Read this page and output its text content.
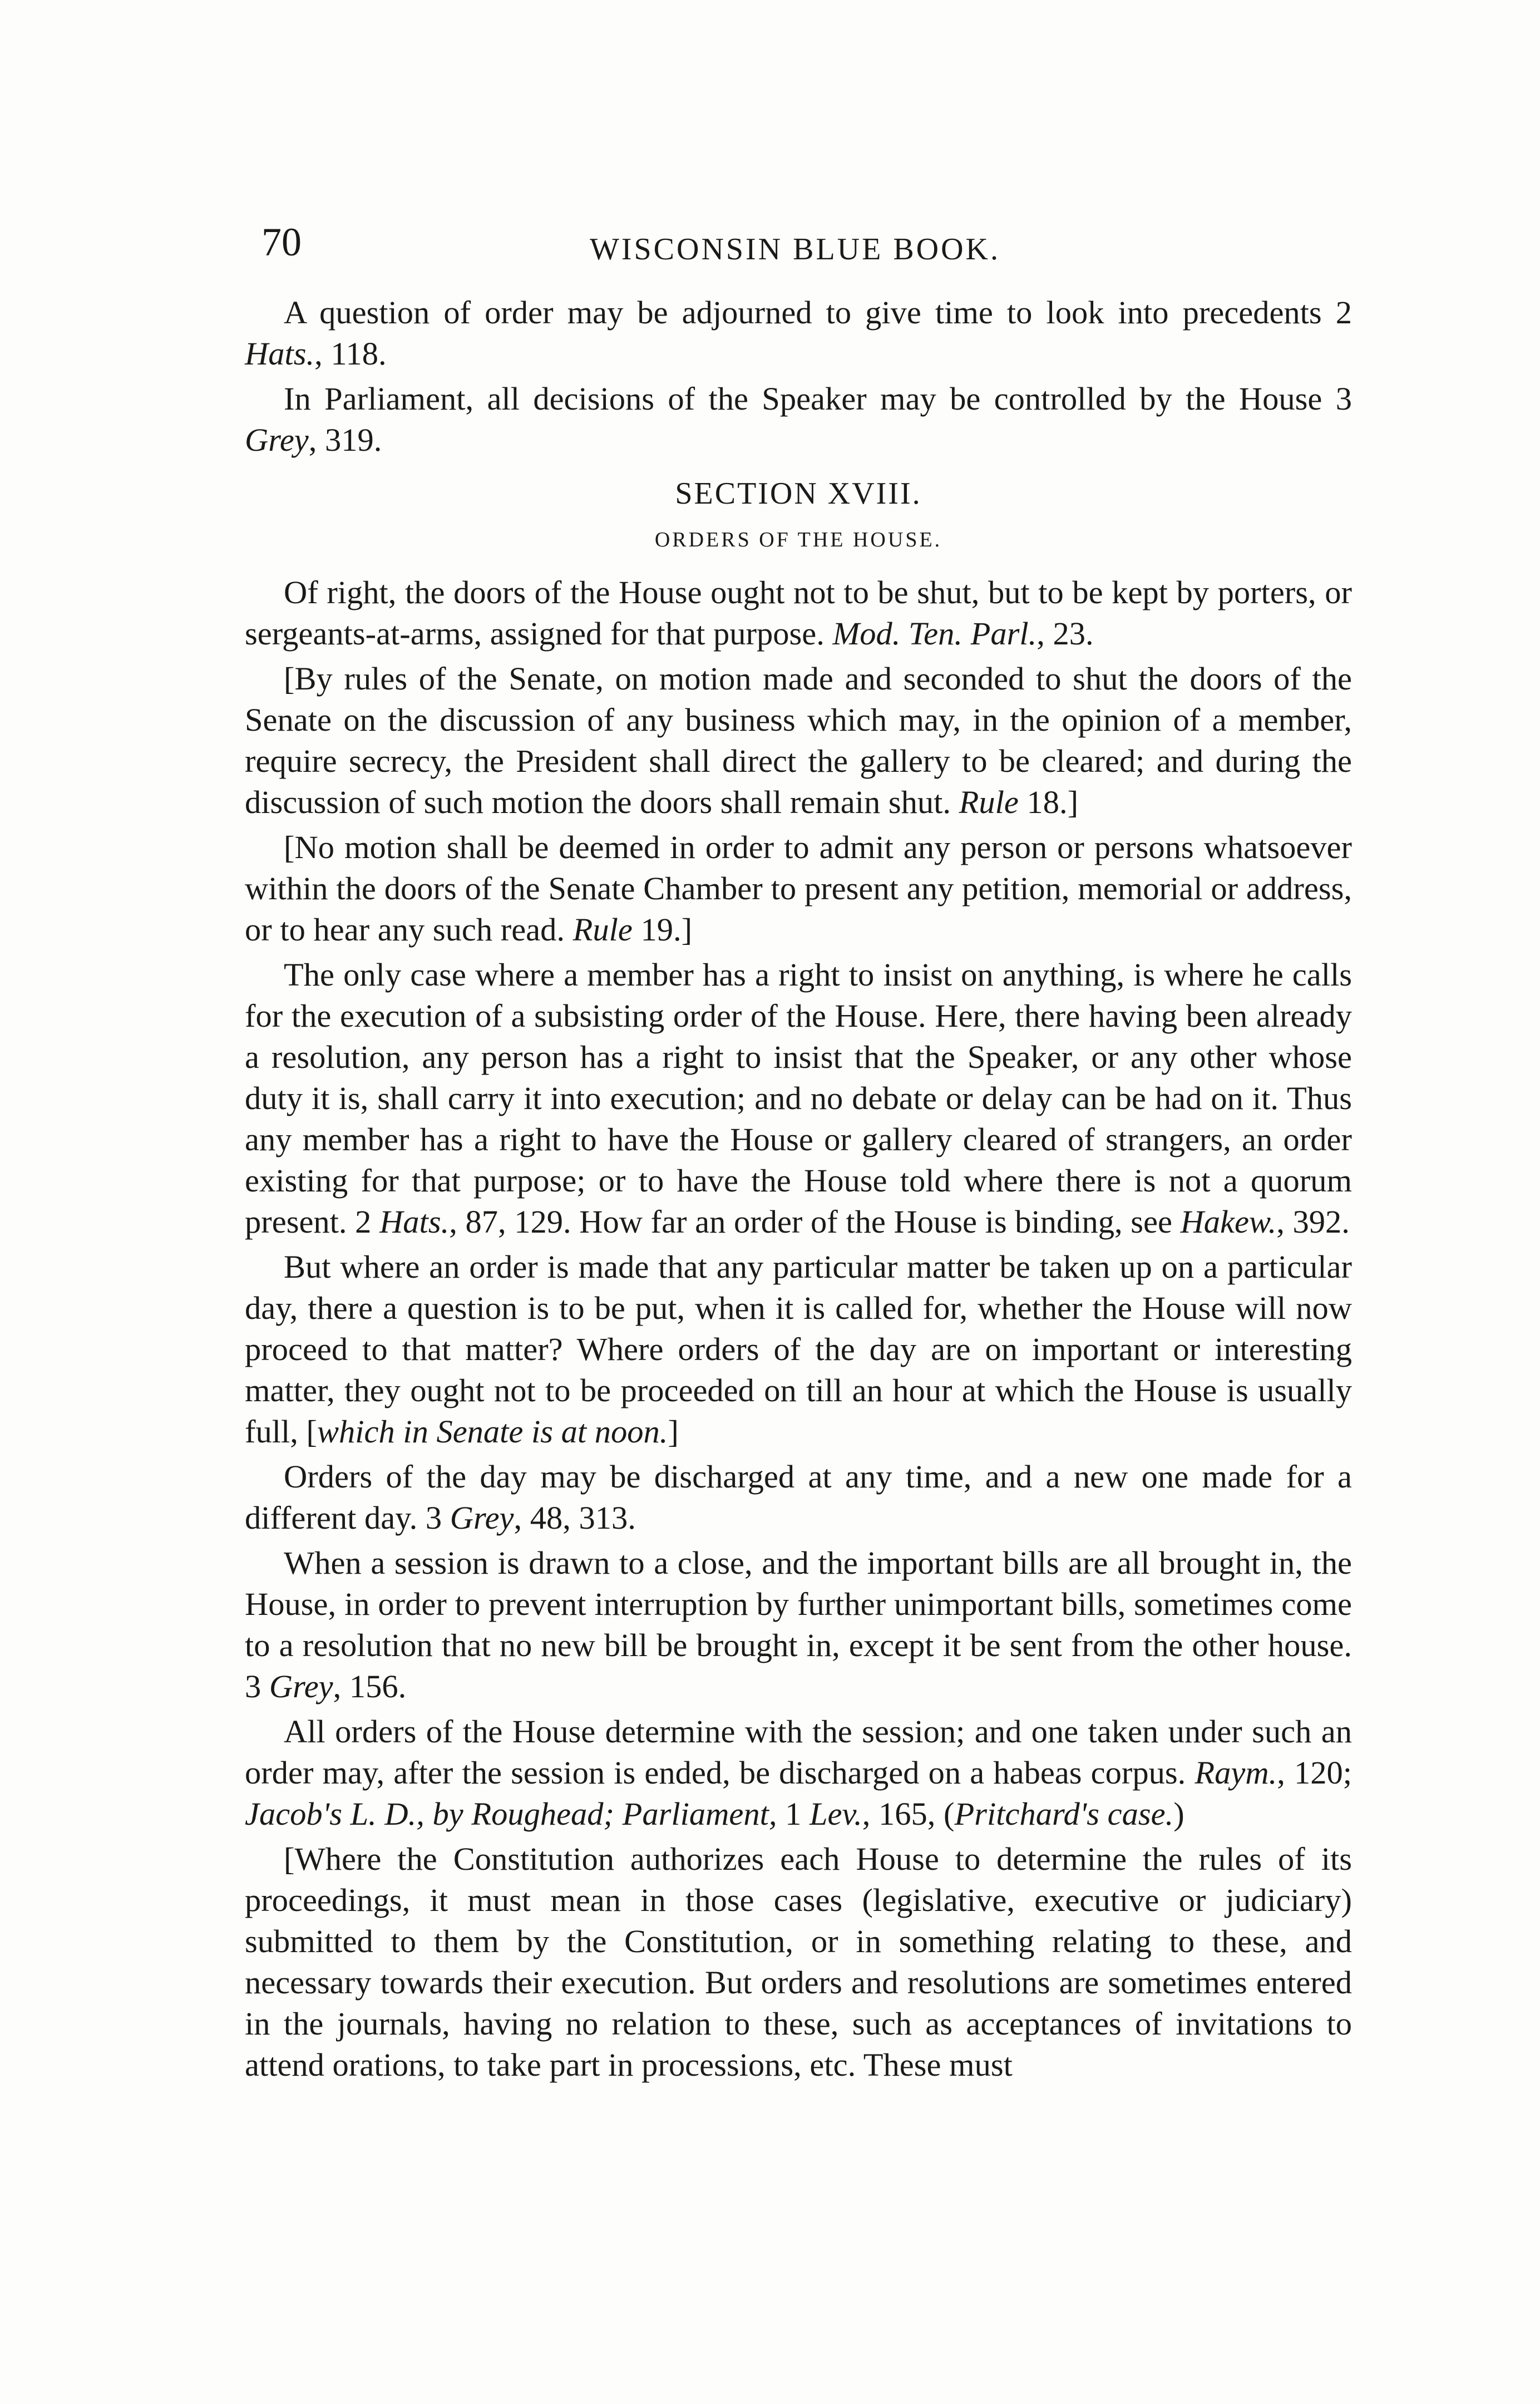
70	WISCONSIN BLUE BOOK.

A question of order may be adjourned to give time to look into precedents 2 Hats., 118.

In Parliament, all decisions of the Speaker may be controlled by the House 3 Grey, 319.

SECTION XVIII.

ORDERS OF THE HOUSE.

Of right, the doors of the House ought not to be shut, but to be kept by porters, or sergeants-at-arms, assigned for that purpose. Mod. Ten. Parl., 23.

[By rules of the Senate, on motion made and seconded to shut the doors of the Senate on the discussion of any business which may, in the opinion of a member, require secrecy, the President shall direct the gallery to be cleared; and during the discussion of such motion the doors shall remain shut. Rule 18.]

[No motion shall be deemed in order to admit any person or persons whatsoever within the doors of the Senate Chamber to present any petition, memorial or address, or to hear any such read. Rule 19.]

The only case where a member has a right to insist on anything, is where he calls for the execution of a subsisting order of the House. Here, there having been already a resolution, any person has a right to insist that the Speaker, or any other whose duty it is, shall carry it into execution; and no debate or delay can be had on it. Thus any member has a right to have the House or gallery cleared of strangers, an order existing for that purpose; or to have the House told where there is not a quorum present. 2 Hats., 87, 129. How far an order of the House is binding, see Hakew., 392.

But where an order is made that any particular matter be taken up on a particular day, there a question is to be put, when it is called for, whether the House will now proceed to that matter? Where orders of the day are on important or interesting matter, they ought not to be proceeded on till an hour at which the House is usually full, [which in Senate is at noon.]

Orders of the day may be discharged at any time, and a new one made for a different day. 3 Grey, 48, 313.

When a session is drawn to a close, and the important bills are all brought in, the House, in order to prevent interruption by further unimportant bills, sometimes come to a resolution that no new bill be brought in, except it be sent from the other house. 3 Grey, 156.

All orders of the House determine with the session; and one taken under such an order may, after the session is ended, be discharged on a habeas corpus. Raym., 120; Jacob's L. D., by Roughead; Parliament, 1 Lev., 165, (Pritchard's case.)

[Where the Constitution authorizes each House to determine the rules of its proceedings, it must mean in those cases (legislative, executive or judiciary) submitted to them by the Constitution, or in something relating to these, and necessary towards their execution. But orders and resolutions are sometimes entered in the journals, having no relation to these, such as acceptances of invitations to attend orations, to take part in processions, etc. These must
